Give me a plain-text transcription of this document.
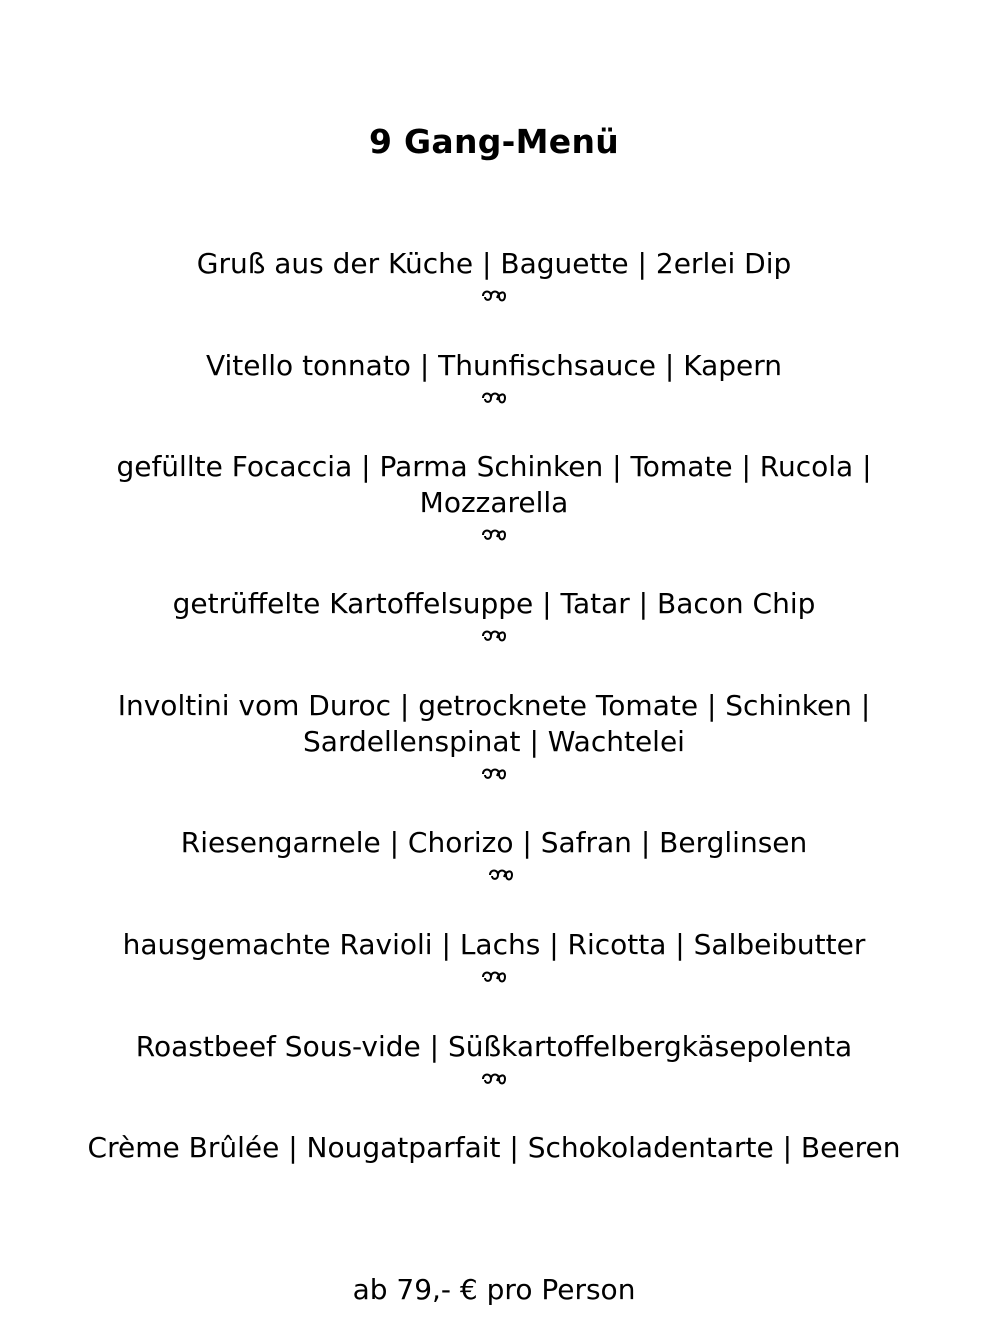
9 Gang-Menü

Gruß aus der Küche | Baguette | 2erlei Dip

Vitello tonnato | Thunfischsauce | Kapern

gefüllte Focaccia | Parma Schinken | Tomate | Rucola | Mozzarella

getrüffelte Kartoffelsuppe | Tatar | Bacon Chip

Involtini vom Duroc | getrocknete Tomate | Schinken | Sardellenspinat | Wachtelei

Riesengarnele | Chorizo | Safran | Berglinsen

hausgemachte Ravioli | Lachs | Ricotta | Salbeibutter

Roastbeef Sous-vide | Süßkartoffelbergkäsepolenta

Crème Brûlée | Nougatparfait | Schokoladentarte | Beeren

ab 79,- € pro Person
